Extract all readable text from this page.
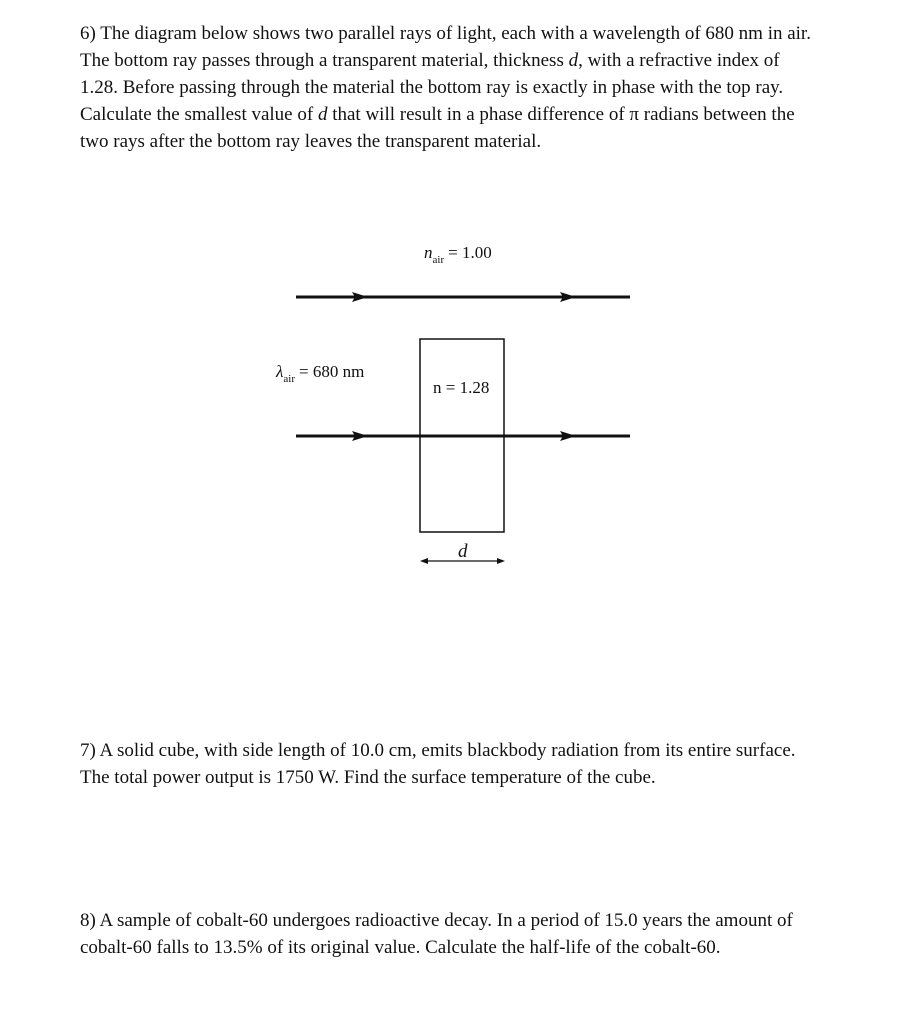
6) The diagram below shows two parallel rays of light, each with a wavelength of 680 nm in air. The bottom ray passes through a transparent material, thickness d, with a refractive index of 1.28. Before passing through the material the bottom ray is exactly in phase with the top ray. Calculate the smallest value of d that will result in a phase difference of π radians between the two rays after the bottom ray leaves the transparent material.

$n_{air} = 1.00$
$\lambda_{air} = 680$ nm
n = 1.28
d

7) A solid cube, with side length of 10.0 cm, emits blackbody radiation from its entire surface. The total power output is 1750 W. Find the surface temperature of the cube.

8) A sample of cobalt-60 undergoes radioactive decay. In a period of 15.0 years the amount of cobalt-60 falls to 13.5% of its original value. Calculate the half-life of the cobalt-60.
